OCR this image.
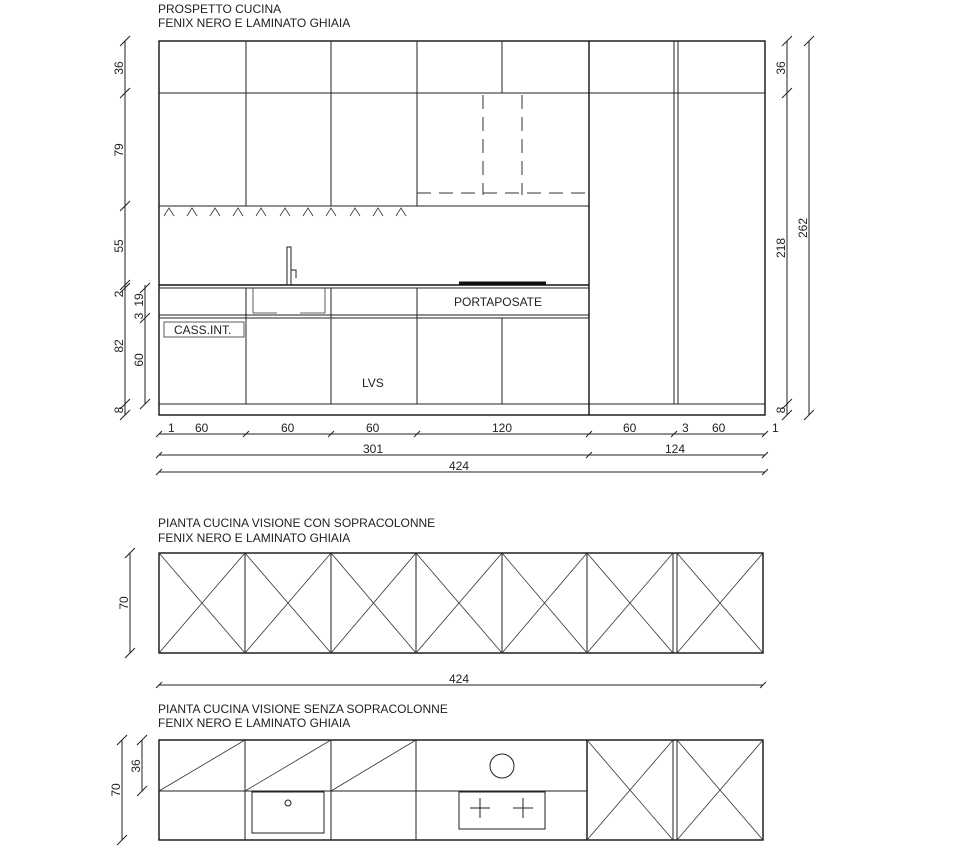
PROSPETTO CUCINA
FENIX NERO E LAMINATO GHIAIA
CASS.INT.
PORTAPOSATE
LVS
36
79
55
2
3
19
82
60
8
36
218
262
8
1 60	60	60	120	60	3 60	1
301	124
424
PIANTA CUCINA VISIONE CON SOPRACOLONNE
FENIX NERO E LAMINATO GHIAIA
70
424
PIANTA CUCINA VISIONE SENZA SOPRACOLONNE
FENIX NERO E LAMINATO GHIAIA
70
36
